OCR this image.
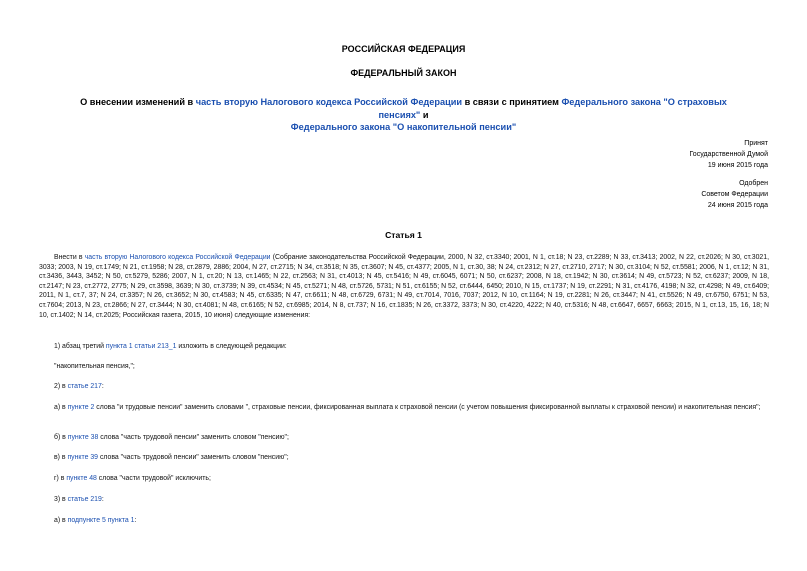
РОССИЙСКАЯ ФЕДЕРАЦИЯ
ФЕДЕРАЛЬНЫЙ ЗАКОН
О внесении изменений в часть вторую Налогового кодекса Российской Федерации в связи с принятием Федерального закона "О страховых пенсиях" и
Федерального закона "О накопительной пенсии"
Принят
Государственной Думой
19 июня 2015 года
Одобрен
Советом Федерации
24 июня 2015 года
Статья 1
Внести в часть вторую Налогового кодекса Российской Федерации (Собрание законодательства Российской Федерации, 2000, N 32, ст.3340; 2001, N 1, ст.18; N 23, ст.2289; N 33, ст.3413; 2002, N 22, ст.2026; N 30, ст.3021, 3033; 2003, N 19, ст.1749; N 21, ст.1958; N 28, ст.2879, 2886; 2004, N 27, ст.2715; N 34, ст.3518; N 35, ст.3607; N 45, ст.4377; 2005, N 1, ст.30, 38; N 24, ст.2312; N 27, ст.2710, 2717; N 30, ст.3104; N 52, ст.5581; 2006, N 1, ст.12; N 31, ст.3436, 3443, 3452; N 50, ст.5279, 5286; 2007, N 1, ст.20; N 13, ст.1465; N 22, ст.2563; N 31, ст.4013; N 45, ст.5416; N 49, ст.6045, 6071; N 50, ст.6237; 2008, N 18, ст.1942; N 30, ст.3614; N 49, ст.5723; N 52, ст.6237; 2009, N 18, ст.2147; N 23, ст.2772, 2775; N 29, ст.3598, 3639; N 30, ст.3739; N 39, ст.4534; N 45, ст.5271; N 48, ст.5726, 5731; N 51, ст.6155; N 52, ст.6444, 6450; 2010, N 15, ст.1737; N 19, ст.2291; N 31, ст.4176, 4198; N 32, ст.4298; N 49, ст.6409; 2011, N 1, ст.7, 37; N 24, ст.3357; N 26, ст.3652; N 30, ст.4583; N 45, ст.6335; N 47, ст.6611; N 48, ст.6729, 6731; N 49, ст.7014, 7016, 7037; 2012, N 10, ст.1164; N 19, ст.2281; N 26, ст.3447; N 41, ст.5526; N 49, ст.6750, 6751; N 53, ст.7604; 2013, N 23, ст.2866; N 27, ст.3444; N 30, ст.4081; N 48, ст.6165; N 52, ст.6985; 2014, N 8, ст.737; N 16, ст.1835; N 26, ст.3372, 3373; N 30, ст.4220, 4222; N 40, ст.5316; N 48, ст.6647, 6657, 6663; 2015, N 1, ст.13, 15, 16, 18; N 10, ст.1402; N 14, ст.2025; Российская газета, 2015, 10 июня) следующие изменения:
1) абзац третий пункта 1 статьи 213_1 изложить в следующей редакции:
"накопительная пенсия,";
2) в статье 217:
а) в пункте 2 слова "и трудовые пенсии" заменить словами ", страховые пенсии, фиксированная выплата к страховой пенсии (с учетом повышения фиксированной выплаты к страховой пенсии) и накопительная пенсия";
б) в пункте 38 слова "часть трудовой пенсии" заменить словом "пенсию";
в) в пункте 39 слова "часть трудовой пенсии" заменить словом "пенсию";
г) в пункте 48 слова "части трудовой" исключить;
3) в статье 219:
а) в подпункте 5 пункта 1:
